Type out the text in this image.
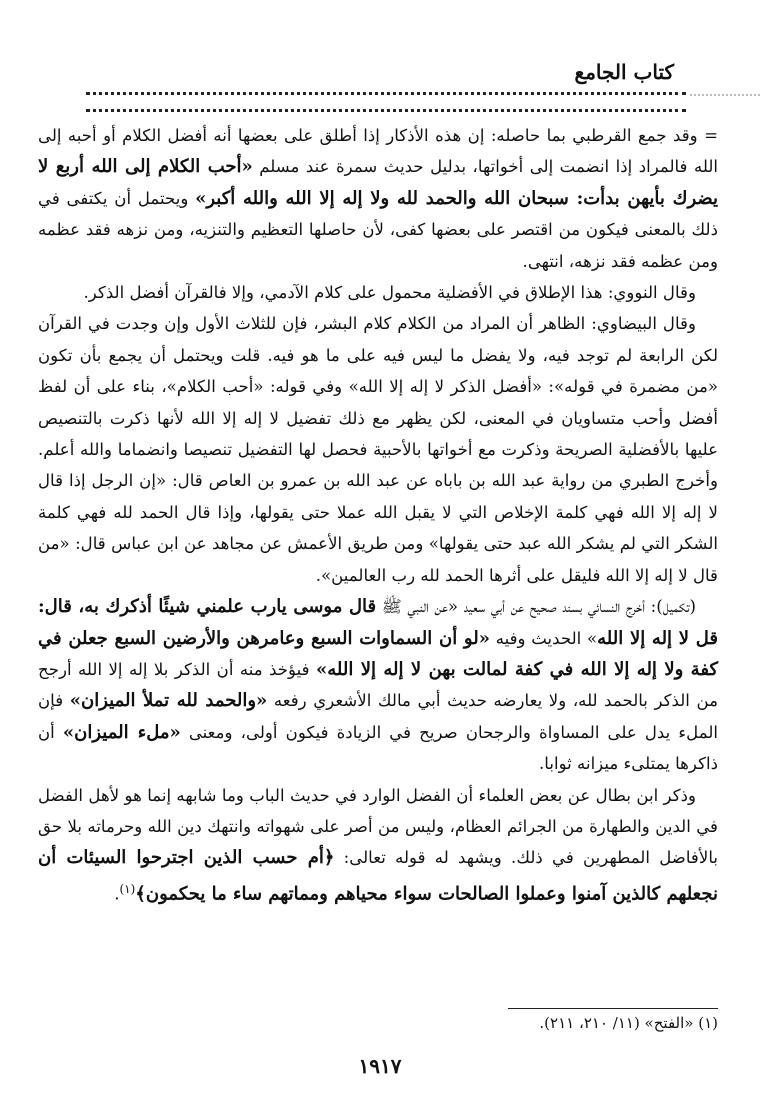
كتاب الجامع

= وقد جمع القرطبي بما حاصله: إن هذه الأذكار إذا أطلق على بعضها أنه أفضل الكلام أو أحبه إلى الله فالمراد إذا انضمت إلى أخواتها، بدليل حديث سمرة عند مسلم «أحب الكلام إلى الله أربع لا يضرك بأيهن بدأت: سبحان الله والحمد لله ولا إله إلا الله والله أكبر» ويحتمل أن يكتفى في ذلك بالمعنى فيكون من اقتصر على بعضها كفى، لأن حاصلها التعظيم والتنزيه، ومن نزهه فقد عظمه ومن عظمه فقد نزهه، انتهى.

وقال النووي: هذا الإطلاق في الأفضلية محمول على كلام الآدمي، وإلا فالقرآن أفضل الذكر.

وقال البيضاوي: الظاهر أن المراد من الكلام كلام البشر، فإن للثلاث الأول وإن وجدت في القرآن لكن الرابعة لم توجد فيه، ولا يفضل ما ليس فيه على ما هو فيه. قلت ويحتمل أن يجمع بأن تكون «من مضمرة في قوله»: «أفضل الذكر لا إله إلا الله» وفي قوله: «أحب الكلام»، بناء على أن لفظ أفضل وأحب متساويان في المعنى، لكن يظهر مع ذلك تفضيل لا إله إلا الله لأنها ذكرت بالتنصيص عليها بالأفضلية الصريحة وذكرت مع أخواتها بالأحبية فحصل لها التفضيل تنصيصا وانضماما والله أعلم. وأخرج الطبري من رواية عبد الله بن باباه عن عبد الله بن عمرو بن العاص قال: «إن الرجل إذا قال لا إله إلا الله فهي كلمة الإخلاص التي لا يقبل الله عملا حتى يقولها، وإذا قال الحمد لله فهي كلمة الشكر التي لم يشكر الله عبد حتى يقولها» ومن طريق الأعمش عن مجاهد عن ابن عباس قال: «من قال لا إله إلا الله فليقل على أثرها الحمد لله رب العالمين».

(تكميل): أخرج النسائي بسند صحيح عن أبي سعيد «عن النبي ﷺ قال موسى يارب علمني شيئًا أذكرك به، قال: قل لا إله إلا الله» الحديث وفيه «لو أن السماوات السبع وعامرهن والأرضين السبع جعلن في كفة ولا إله إلا الله في كفة لمالت بهن لا إله إلا الله» فيؤخذ منه أن الذكر بلا إله إلا الله أرجح من الذكر بالحمد لله، ولا يعارضه حديث أبي مالك الأشعري رفعه «والحمد لله تملأ الميزان» فإن الملء يدل على المساواة والرجحان صريح في الزيادة فيكون أولى، ومعنى «ملء الميزان» أن ذاكرها يمتلىء ميزانه ثوابا.

وذكر ابن بطال عن بعض العلماء أن الفضل الوارد في حديث الباب وما شابهه إنما هو لأهل الفضل في الدين والطهارة من الجرائم العظام، وليس من أصر على شهواته وانتهك دين الله وحرماته بلا حق بالأفاضل المطهرين في ذلك. ويشهد له قوله تعالى: ﴿أم حسب الذين اجترحوا السيئات أن نجعلهم كالذين آمنوا وعملوا الصالحات سواء محياهم ومماتهم ساء ما يحكمون﴾$^{(١)}$.

(١) «الفتح» (١١/ ٢١٠، ٢١١).
١٩١٧
